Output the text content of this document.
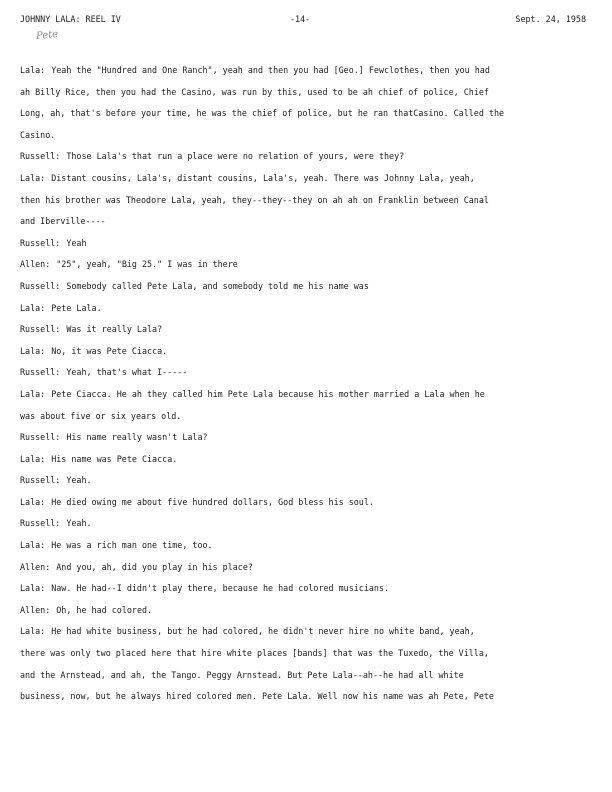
JOHNNY LALA: REEL IV	-14-	Sept. 24, 1958
Pete
Lala: Yeah the "Hundred and One Ranch", yeah and then you had [Geo.] Fewclothes, then you had
ah Billy Rice, then you had the Casino, was run by this, used to be ah chief of police, Chief
Long, ah, that's before your time, he was the chief of police, but he ran thatCasino. Called the
Casino.
Russell: Those Lala's that run a place were no relation of yours, were they?
Lala: Distant cousins, Lala's, distant cousins, Lala's, yeah. There was Johnny Lala, yeah,
then his brother was Theodore Lala, yeah, they--they--they on ah ah on Franklin between Canal
and Iberville----
Russell: Yeah
Allen: "25", yeah, "Big 25." I was in there
Russell: Somebody called Pete Lala, and somebody told me his name was
Lala: Pete Lala.
Russell: Was it really Lala?
Lala: No, it was Pete Ciacca.
Russell: Yeah, that's what I-----
Lala: Pete Ciacca. He ah they called him Pete Lala because his mother married a Lala when he
was about five or six years old.
Russell: His name really wasn't Lala?
Lala: His name was Pete Ciacca.
Russell: Yeah.
Lala: He died owing me about five hundred dollars, God bless his soul.
Russell: Yeah.
Lala: He was a rich man one time, too.
Allen: And you, ah, did you play in his place?
Lala: Naw. He had--I didn't play there, because he had colored musicians.
Allen: Oh, he had colored.
Lala: He had white business, but he had colored, he didn't never hire no white band, yeah,
there was only two placed here that hire white places [bands] that was the Tuxedo, the Villa,
and the Arnstead, and ah, the Tango. Peggy Arnstead. But Pete Lala--ah--he had all white
business, now, but he always hired colored men. Pete Lala. Well now his name was ah Pete, Pete
